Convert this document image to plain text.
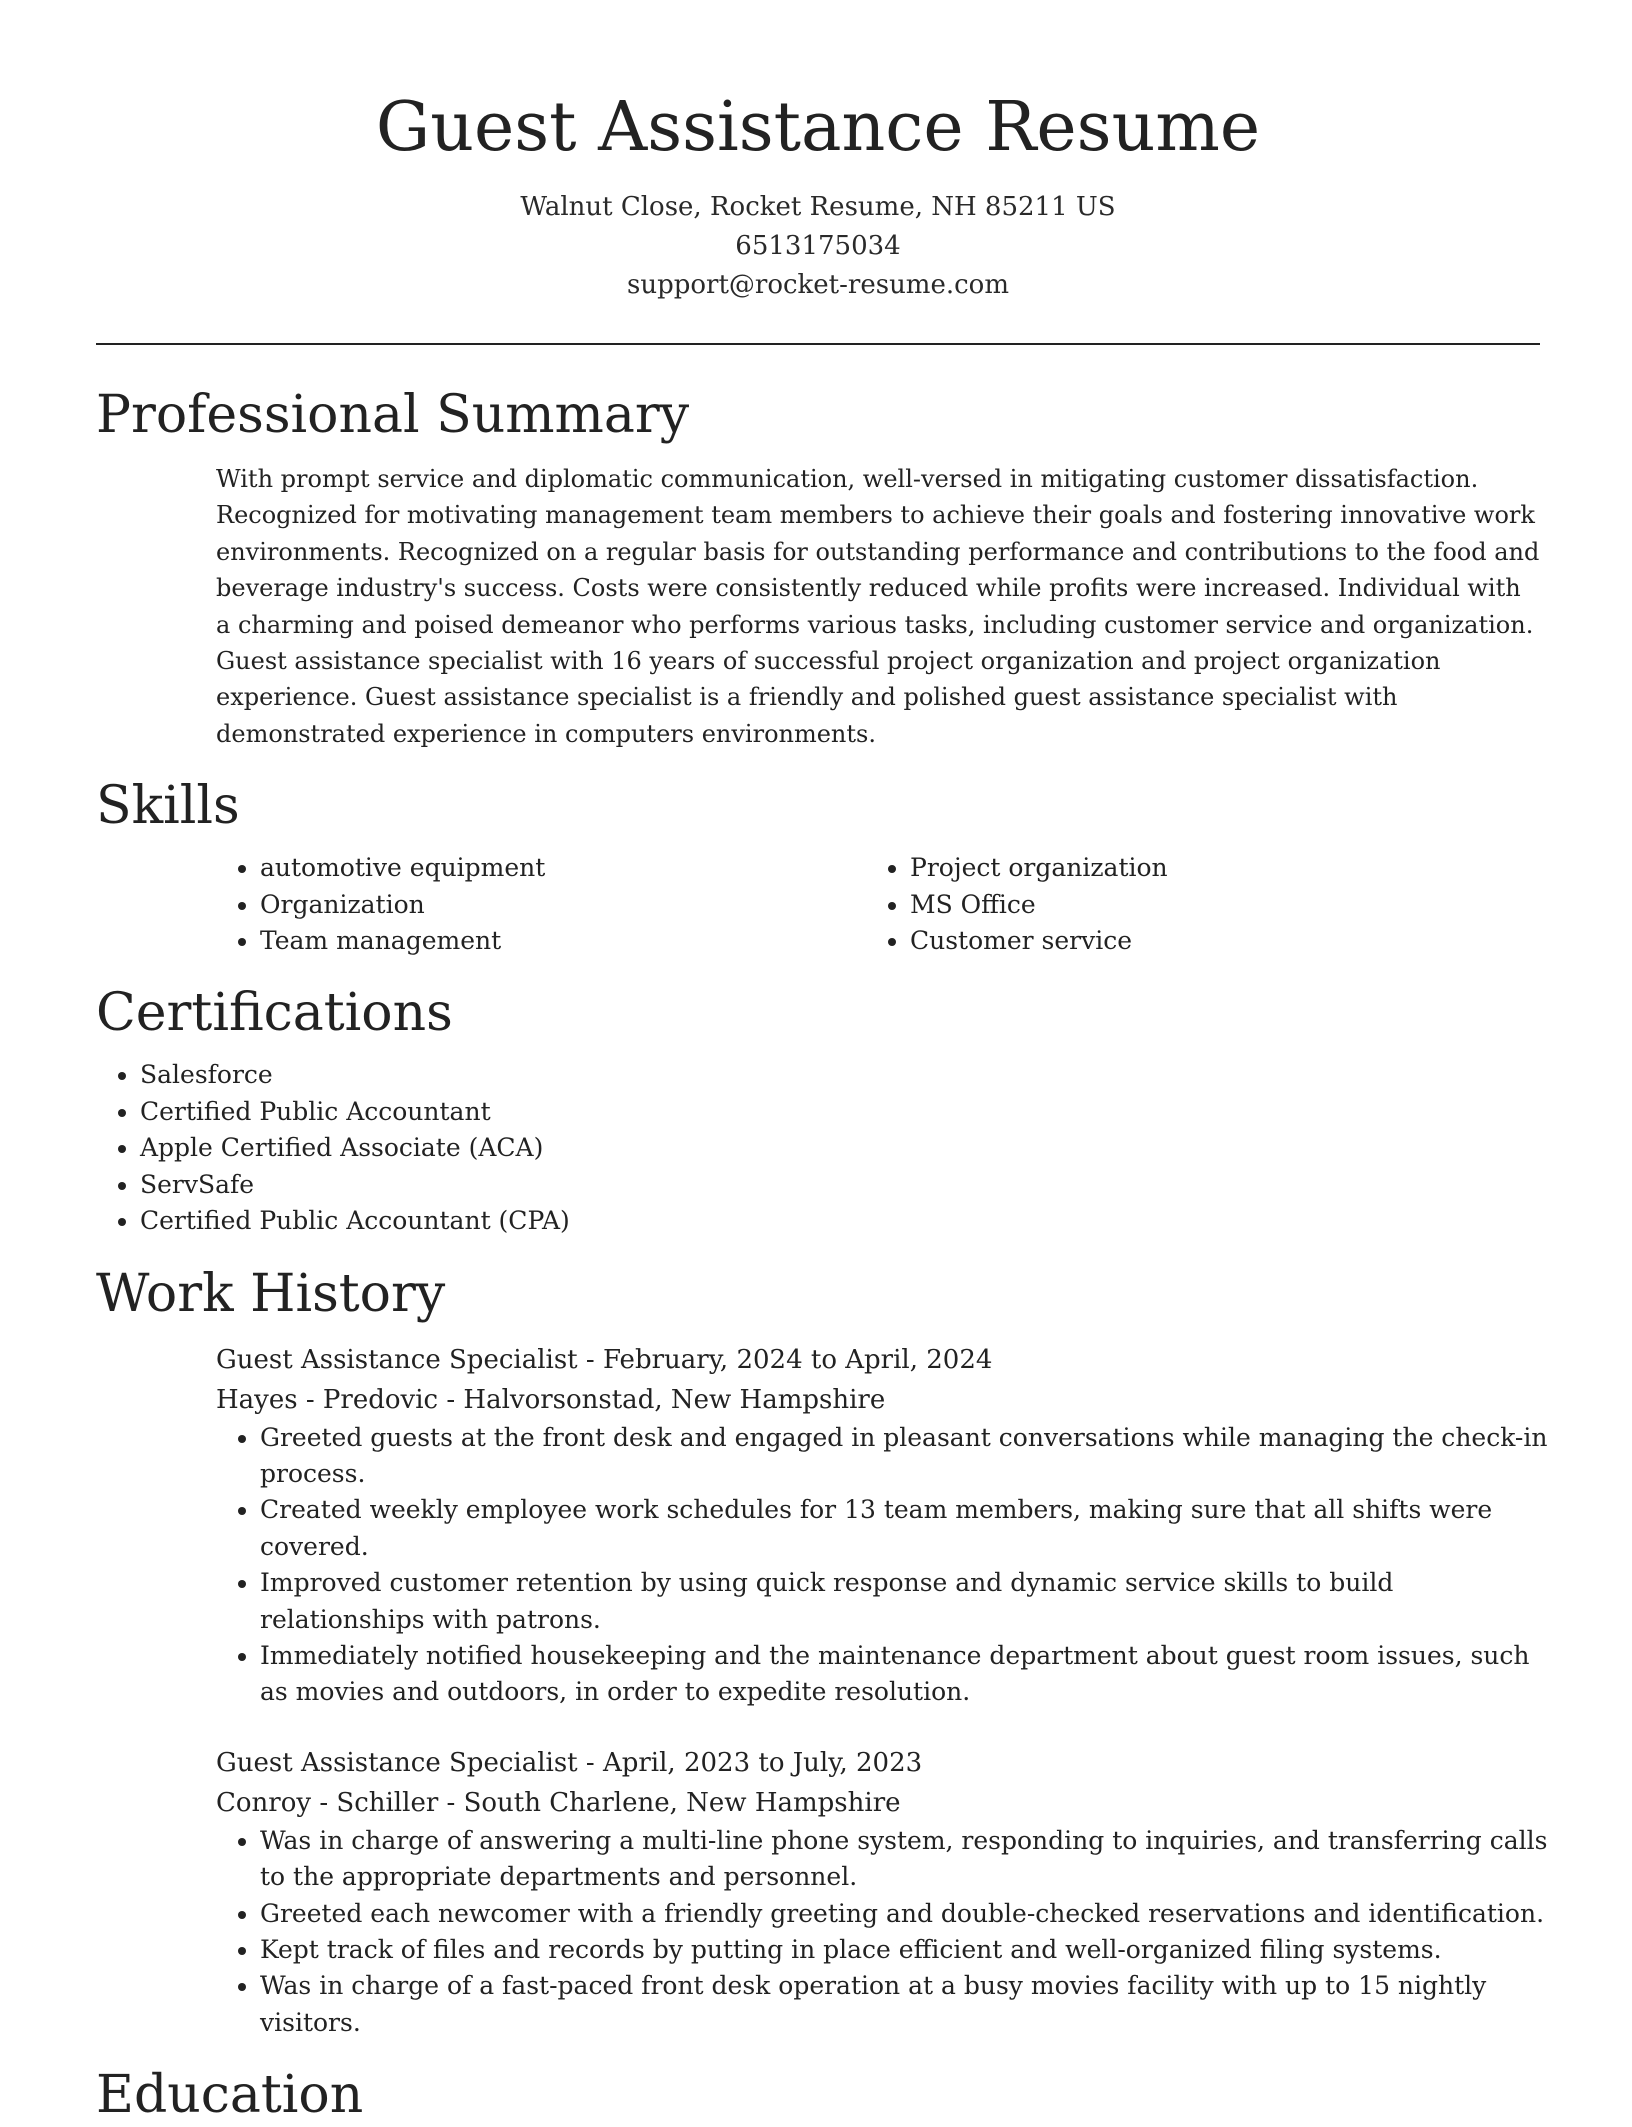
Guest Assistance Resume
Walnut Close, Rocket Resume, NH 85211 US
6513175034
support@rocket-resume.com
Professional Summary

With prompt service and diplomatic communication, well-versed in mitigating customer dissatisfaction. Recognized for motivating management team members to achieve their goals and fostering innovative work environments. Recognized on a regular basis for outstanding performance and contributions to the food and beverage industry's success. Costs were consistently reduced while profits were increased. Individual with a charming and poised demeanor who performs various tasks, including customer service and organization. Guest assistance specialist with 16 years of successful project organization and project organization experience. Guest assistance specialist is a friendly and polished guest assistance specialist with demonstrated experience in computers environments.

Skills
• automotive equipment
• Organization
• Team management
• Project organization
• MS Office
• Customer service
Certifications
• Salesforce
• Certified Public Accountant
• Apple Certified Associate (ACA)
• ServSafe
• Certified Public Accountant (CPA)
Work History
Guest Assistance Specialist - February, 2024 to April, 2024
Hayes - Predovic - Halvorsonstad, New Hampshire
• Greeted guests at the front desk and engaged in pleasant conversations while managing the check-in process.
• Created weekly employee work schedules for 13 team members, making sure that all shifts were covered.
• Improved customer retention by using quick response and dynamic service skills to build relationships with patrons.
• Immediately notified housekeeping and the maintenance department about guest room issues, such as movies and outdoors, in order to expedite resolution.
Guest Assistance Specialist - April, 2023 to July, 2023
Conroy - Schiller - South Charlene, New Hampshire
• Was in charge of answering a multi-line phone system, responding to inquiries, and transferring calls to the appropriate departments and personnel.
• Greeted each newcomer with a friendly greeting and double-checked reservations and identification.
• Kept track of files and records by putting in place efficient and well-organized filing systems.
• Was in charge of a fast-paced front desk operation at a busy movies facility with up to 15 nightly visitors.
Education
